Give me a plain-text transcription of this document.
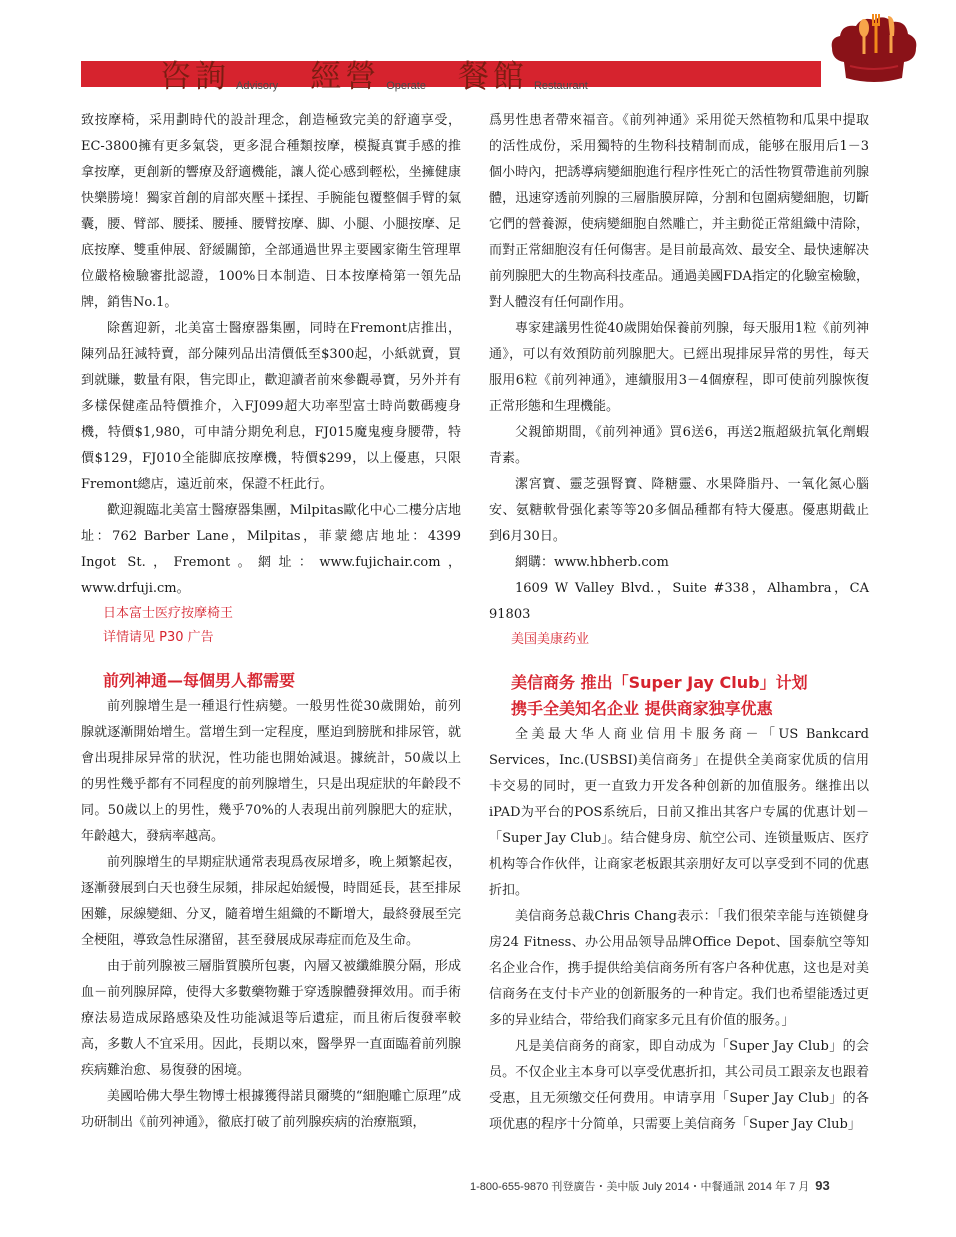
咨詢 Advisory 經營 Operate 餐館 Restaurant

致按摩椅，采用劃時代的設計理念，創造極致完美的舒適享受，EC-3800擁有更多氣袋，更多混合種類按摩，模擬真實手感的推拿按摩，更創新的響療及舒適機能，讓人從心感到輕松，坐擁健康快樂勝境！獨家首創的肩部夾壓＋揉捏、手腕能包覆整個手臂的氣囊，腰、臂部、腰揉、腰捶、腰臂按摩、脚、小腿、小腿按摩、足底按摩、雙重伸展、舒緩關節，全部通過世界主要國家衛生管理單位嚴格檢驗審批認證，100%日本制造、日本按摩椅第一領先品牌，銷售No.1。

除舊迎新，北美富士醫療器集團，同時在Fremont店推出，陳列品狂減特賣，部分陳列品出清價低至$300起，小紙就賣，買到就賺，數量有限，售完即止，歡迎讀者前來參觀尋寶，另外并有多樣保健產品特價推介，入FJ099超大功率型富士時尚數碼瘦身機，特價$1,980，可申請分期免利息，FJ015魔鬼瘦身腰帶，特價$129，FJ010全能脚底按摩機，特價$299，以上優惠，只限Fremont總店，遠近前來，保證不枉此行。

歡迎親臨北美富士醫療器集團，Milpitas歐化中心二樓分店地址：762 Barber Lane，Milpitas，菲蒙總店地址：4399 Ingot St.，Fremont。網址：www.fujichair.com，www.drfuji.cm。

日本富士医疗按摩椅王
详情请见 P30 广告
前列神通—每個男人都需要

前列腺增生是一種退行性病變。一般男性從30歲開始，前列腺就逐漸開始增生。當增生到一定程度，壓迫到膀胱和排尿管，就會出現排尿异常的狀況，性功能也開始減退。據統計，50歲以上的男性幾乎都有不同程度的前列腺增生，只是出現症狀的年齡段不同。50歲以上的男性，幾乎70%的人表現出前列腺肥大的症狀，年齡越大，發病率越高。

前列腺增生的早期症狀通常表現爲夜尿增多，晚上頻繁起夜，逐漸發展到白天也發生尿頻，排尿起始緩慢，時間延長，甚至排尿困難，尿線變細、分叉，隨着增生組織的不斷增大，最終發展至完全梗阻，導致急性尿潴留，甚至發展成尿毒症而危及生命。

由于前列腺被三層脂質膜所包裹，內層又被纖維膜分隔，形成血－前列腺屏障，使得大多數藥物難于穿透腺體發揮效用。而手術療法易造成尿路感染及性功能減退等后遺症，而且術后復發率較高，多數人不宜采用。因此，長期以來，醫學界一直面臨着前列腺疾病難治愈、易復發的困境。

美國哈佛大學生物博士根據獲得諾貝爾獎的“細胞雕亡原理”成功研制出《前列神通》，徹底打破了前列腺疾病的治療瓶頸，

爲男性患者帶來福音。《前列神通》采用從天然植物和瓜果中提取的活性成份，采用獨特的生物科技精制而成，能够在服用后1－3個小時內，把誘導病變細胞進行程序性死亡的活性物質帶進前列腺體，迅速穿透前列腺的三層脂膜屏障，分割和包圍病變細胞，切斷它們的營養源，使病變細胞自然雕亡，并主動從正常組織中清除，而對正常細胞沒有任何傷害。是目前最高效、最安全、最快速解决前列腺肥大的生物高科技產品。通過美國FDA指定的化驗室檢驗，對人體沒有任何副作用。

專家建議男性從40歲開始保養前列腺，每天服用1粒《前列神通》，可以有效預防前列腺肥大。已經出現排尿异常的男性，每天服用6粒《前列神通》，連續服用3－4個療程，即可使前列腺恢復正常形態和生理機能。

父親節期間，《前列神通》買6送6，再送2瓶超級抗氧化劑蝦青素。

潔宮寶、靈芝强腎寶、降糖靈、水果降脂丹、一氧化氮心腦安、氨糖軟骨强化素等等20多個品種都有特大優惠。優惠期截止到6月30日。

網購：www.hbherb.com

1609 W Valley Blvd.，Suite #338，Alhambra，CA 91803

美国美康药业
美信商务 推出「Super Jay Club」计划
携手全美知名企业 提供商家独享优惠

全美最大华人商业信用卡服务商－「US Bankcard Services，Inc.(USBSI)美信商务」在提供全美商家优质的信用卡交易的同时，更一直致力开发各种创新的加值服务。继推出以iPAD为平台的POS系统后，日前又推出其客户专属的优惠计划－「Super Jay Club」。结合健身房、航空公司、连锁量贩店、医疗机构等合作伙伴，让商家老板跟其亲朋好友可以享受到不同的优惠折扣。

美信商务总裁Chris Chang表示：「我们很荣幸能与连锁健身房24 Fitness、办公用品领导品牌Office Depot、国泰航空等知名企业合作，携手提供给美信商务所有客户各种优惠，这也是对美信商务在支付卡产业的创新服务的一种肯定。我们也希望能透过更多的异业结合，带给我们商家多元且有价值的服务。」

凡是美信商务的商家，即自动成为「Super Jay Club」的会员。不仅企业主本身可以享受优惠折扣，其公司员工跟亲友也跟着受惠，且无须缴交任何费用。申请享用「Super Jay Club」的各项优惠的程序十分简单，只需要上美信商务「Super Jay Club」

1-800-655-9870 刊登廣告・美中版 July 2014・中餐通訊 2014 年 7 月 93
